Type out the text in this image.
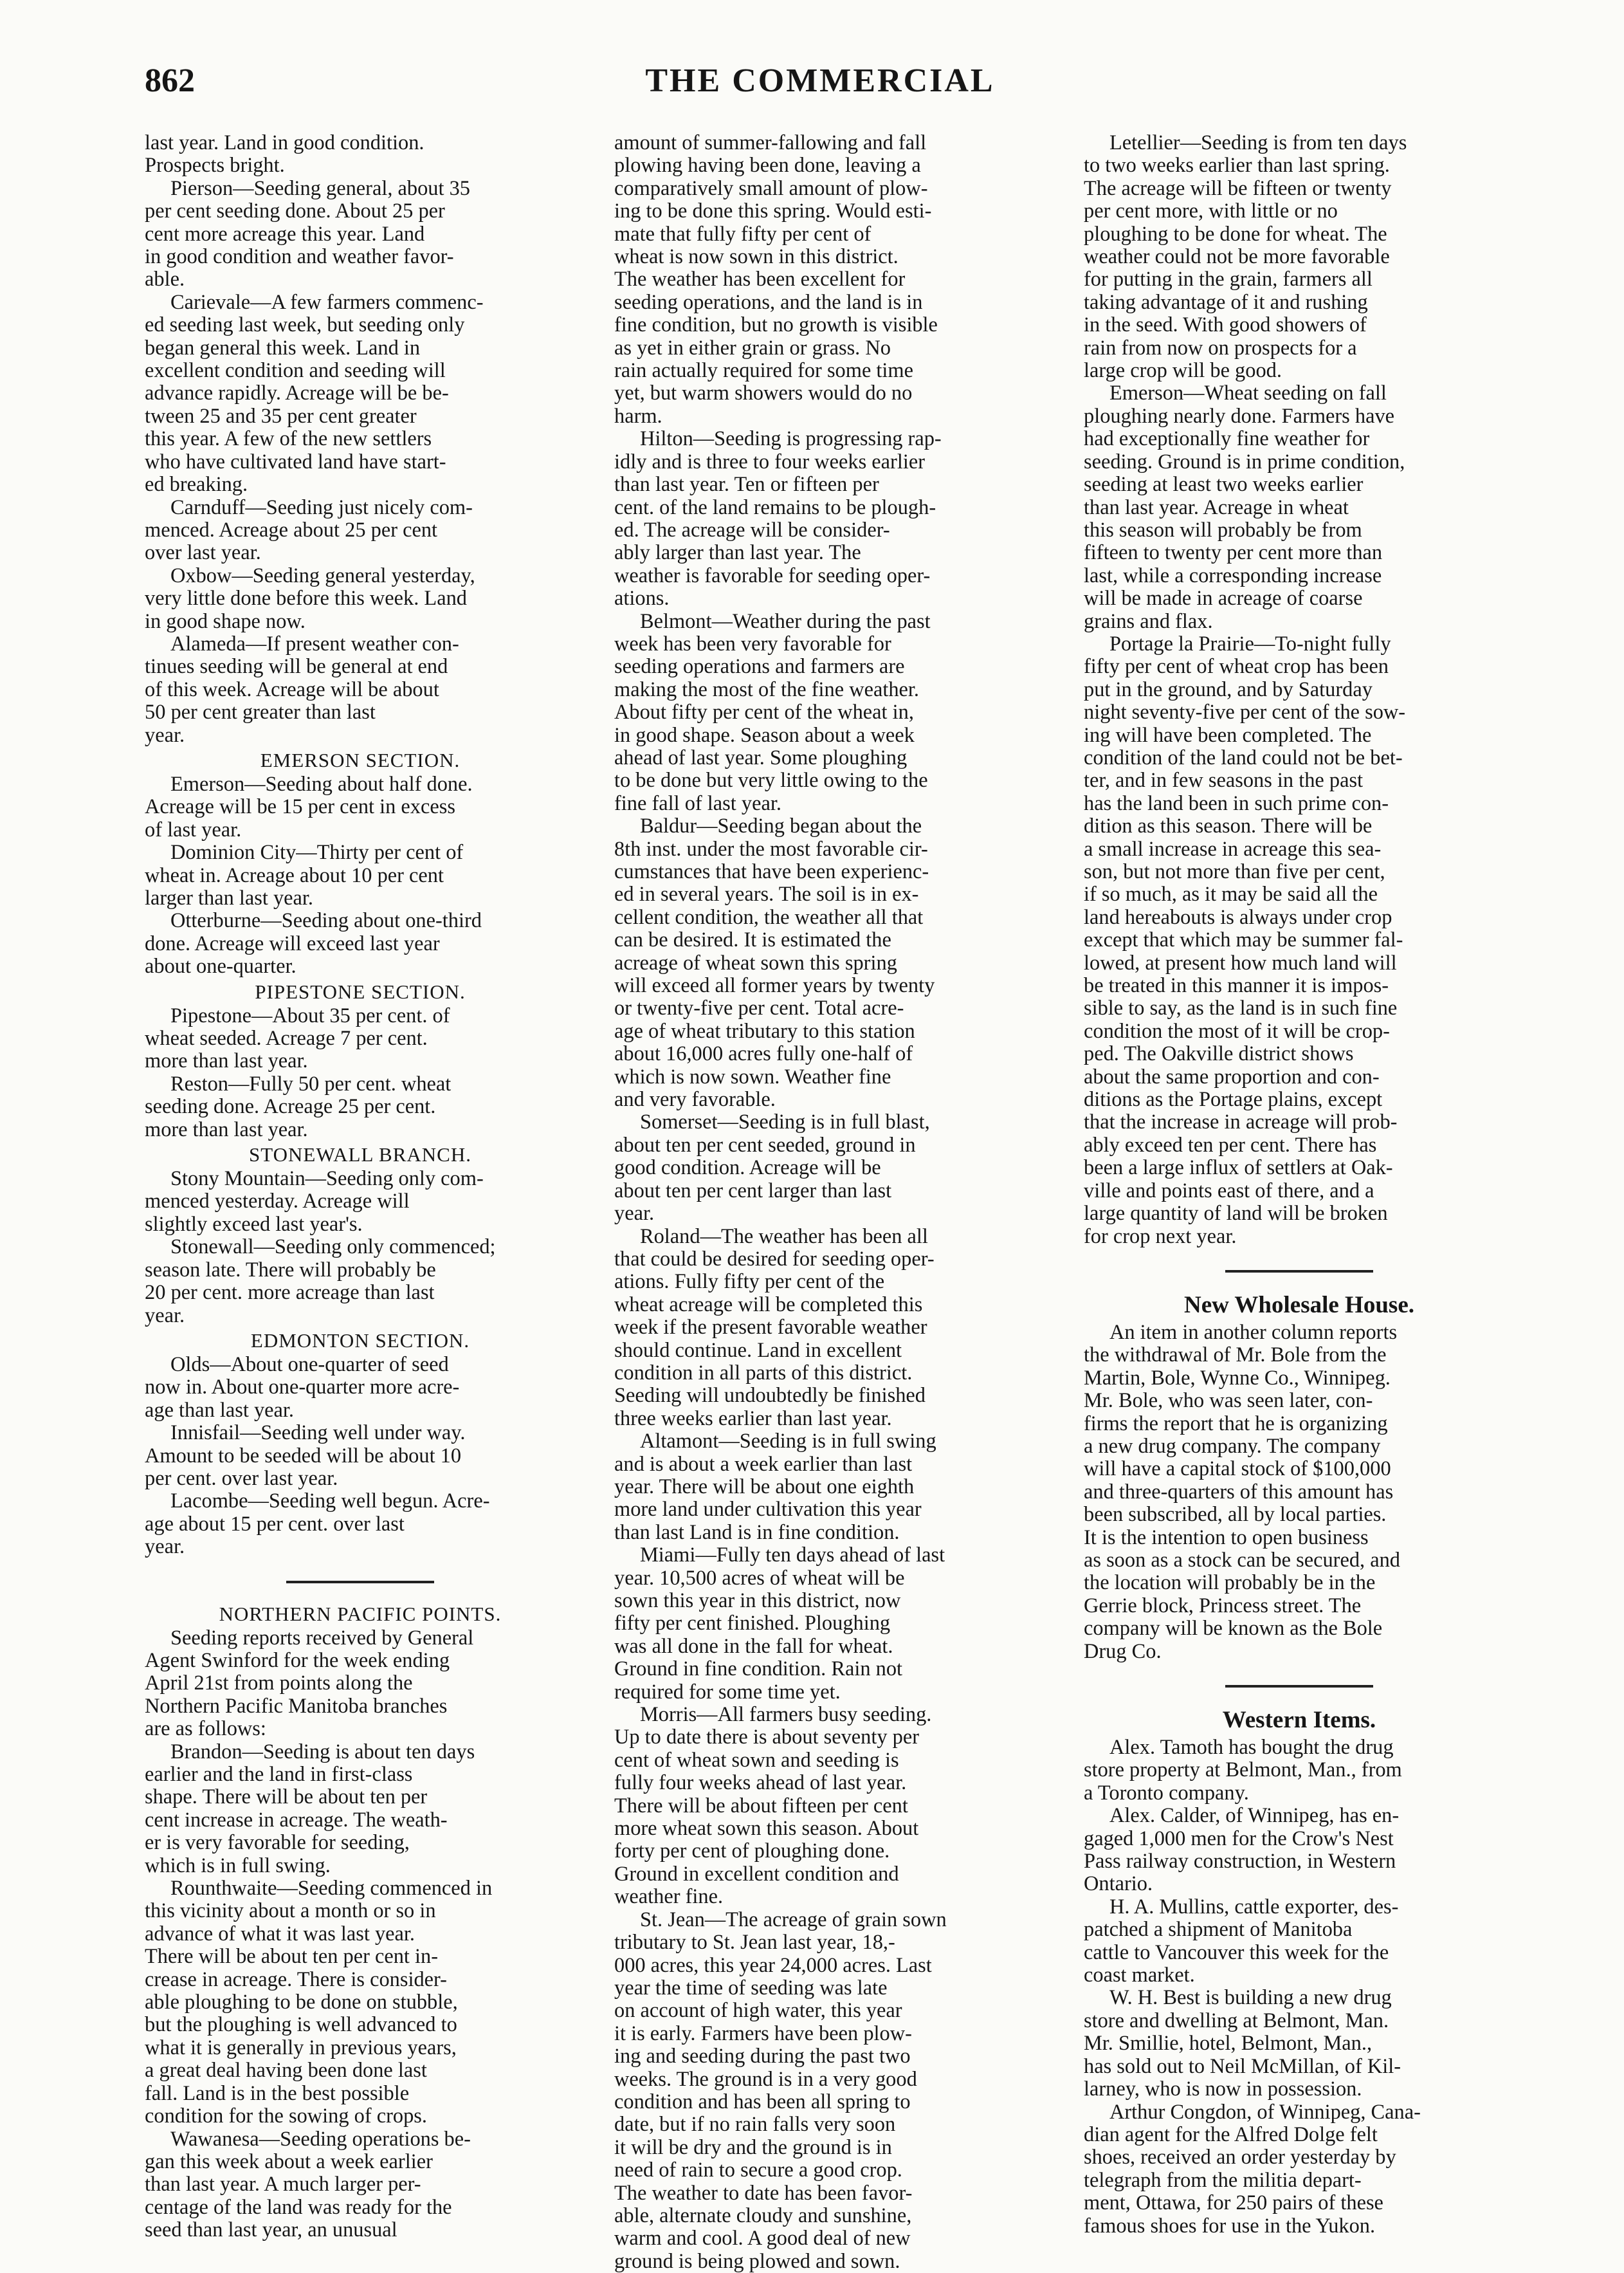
862	THE COMMERCIAL

last year. Land in good condition.
Prospects bright.

Pierson—Seeding general, about 35
per cent seeding done. About 25 per
cent more acreage this year. Land
in good condition and weather favor-
able.

Carievale—A few farmers commenc-
ed seeding last week, but seeding only
began general this week. Land in
excellent condition and seeding will
advance rapidly. Acreage will be be-
tween 25 and 35 per cent greater
this year. A few of the new settlers
who have cultivated land have start-
ed breaking.

Carnduff—Seeding just nicely com-
menced. Acreage about 25 per cent
over last year.

Oxbow—Seeding general yesterday,
very little done before this week. Land
in good shape now.

Alameda—If present weather con-
tinues seeding will be general at end
of this week. Acreage will be about
50 per cent greater than last
year.

EMERSON SECTION.

Emerson—Seeding about half done.
Acreage will be 15 per cent in excess
of last year.

Dominion City—Thirty per cent of
wheat in. Acreage about 10 per cent
larger than last year.

Otterburne—Seeding about one-third
done. Acreage will exceed last year
about one-quarter.

PIPESTONE SECTION.

Pipestone—About 35 per cent. of
wheat seeded. Acreage 7 per cent.
more than last year.

Reston—Fully 50 per cent. wheat
seeding done. Acreage 25 per cent.
more than last year.

STONEWALL BRANCH.

Stony Mountain—Seeding only com-
menced yesterday. Acreage will
slightly exceed last year's.

Stonewall—Seeding only commenced;
season late. There will probably be
20 per cent. more acreage than last
year.

EDMONTON SECTION.

Olds—About one-quarter of seed
now in. About one-quarter more acre-
age than last year.

Innisfail—Seeding well under way.
Amount to be seeded will be about 10
per cent. over last year.

Lacombe—Seeding well begun. Acre-
age about 15 per cent. over last
year.

NORTHERN PACIFIC POINTS.

Seeding reports received by General
Agent Swinford for the week ending
April 21st from points along the
Northern Pacific Manitoba branches
are as follows:

Brandon—Seeding is about ten days
earlier and the land in first-class
shape. There will be about ten per
cent increase in acreage. The weath-
er is very favorable for seeding,
which is in full swing.

Rounthwaite—Seeding commenced in
this vicinity about a month or so in
advance of what it was last year.
There will be about ten per cent in-
crease in acreage. There is consider-
able ploughing to be done on stubble,
but the ploughing is well advanced to
what it is generally in previous years,
a great deal having been done last
fall. Land is in the best possible
condition for the sowing of crops.

Wawanesa—Seeding operations be-
gan this week about a week earlier
than last year. A much larger per-
centage of the land was ready for the
seed than last year, an unusual

amount of summer-fallowing and fall
plowing having been done, leaving a
comparatively small amount of plow-
ing to be done this spring. Would esti-
mate that fully fifty per cent of
wheat is now sown in this district.
The weather has been excellent for
seeding operations, and the land is in
fine condition, but no growth is visible
as yet in either grain or grass. No
rain actually required for some time
yet, but warm showers would do no
harm.

Hilton—Seeding is progressing rap-
idly and is three to four weeks earlier
than last year. Ten or fifteen per
cent. of the land remains to be plough-
ed. The acreage will be consider-
ably larger than last year. The
weather is favorable for seeding oper-
ations.

Belmont—Weather during the past
week has been very favorable for
seeding operations and farmers are
making the most of the fine weather.
About fifty per cent of the wheat in,
in good shape. Season about a week
ahead of last year. Some ploughing
to be done but very little owing to the
fine fall of last year.

Baldur—Seeding began about the
8th inst. under the most favorable cir-
cumstances that have been experienc-
ed in several years. The soil is in ex-
cellent condition, the weather all that
can be desired. It is estimated the
acreage of wheat sown this spring
will exceed all former years by twenty
or twenty-five per cent. Total acre-
age of wheat tributary to this station
about 16,000 acres fully one-half of
which is now sown. Weather fine
and very favorable.

Somerset—Seeding is in full blast,
about ten per cent seeded, ground in
good condition. Acreage will be
about ten per cent larger than last
year.

Roland—The weather has been all
that could be desired for seeding oper-
ations. Fully fifty per cent of the
wheat acreage will be completed this
week if the present favorable weather
should continue. Land in excellent
condition in all parts of this district.
Seeding will undoubtedly be finished
three weeks earlier than last year.

Altamont—Seeding is in full swing
and is about a week earlier than last
year. There will be about one eighth
more land under cultivation this year
than last Land is in fine condition.

Miami—Fully ten days ahead of last
year. 10,500 acres of wheat will be
sown this year in this district, now
fifty per cent finished. Ploughing
was all done in the fall for wheat.
Ground in fine condition. Rain not
required for some time yet.

Morris—All farmers busy seeding.
Up to date there is about seventy per
cent of wheat sown and seeding is
fully four weeks ahead of last year.
There will be about fifteen per cent
more wheat sown this season. About
forty per cent of ploughing done.
Ground in excellent condition and
weather fine.

St. Jean—The acreage of grain sown
tributary to St. Jean last year, 18,-
000 acres, this year 24,000 acres. Last
year the time of seeding was late
on account of high water, this year
it is early. Farmers have been plow-
ing and seeding during the past two
weeks. The ground is in a very good
condition and has been all spring to
date, but if no rain falls very soon
it will be dry and the ground is in
need of rain to secure a good crop.
The weather to date has been favor-
able, alternate cloudy and sunshine,
warm and cool. A good deal of new
ground is being plowed and sown.

Letellier—Seeding is from ten days
to two weeks earlier than last spring.
The acreage will be fifteen or twenty
per cent more, with little or no
ploughing to be done for wheat. The
weather could not be more favorable
for putting in the grain, farmers all
taking advantage of it and rushing
in the seed. With good showers of
rain from now on prospects for a
large crop will be good.

Emerson—Wheat seeding on fall
ploughing nearly done. Farmers have
had exceptionally fine weather for
seeding. Ground is in prime condition,
seeding at least two weeks earlier
than last year. Acreage in wheat
this season will probably be from
fifteen to twenty per cent more than
last, while a corresponding increase
will be made in acreage of coarse
grains and flax.

Portage la Prairie—To-night fully
fifty per cent of wheat crop has been
put in the ground, and by Saturday
night seventy-five per cent of the sow-
ing will have been completed. The
condition of the land could not be bet-
ter, and in few seasons in the past
has the land been in such prime con-
dition as this season. There will be
a small increase in acreage this sea-
son, but not more than five per cent,
if so much, as it may be said all the
land hereabouts is always under crop
except that which may be summer fal-
lowed, at present how much land will
be treated in this manner it is impos-
sible to say, as the land is in such fine
condition the most of it will be crop-
ped. The Oakville district shows
about the same proportion and con-
ditions as the Portage plains, except
that the increase in acreage will prob-
ably exceed ten per cent. There has
been a large influx of settlers at Oak-
ville and points east of there, and a
large quantity of land will be broken
for crop next year.

New Wholesale House.

An item in another column reports
the withdrawal of Mr. Bole from the
Martin, Bole, Wynne Co., Winnipeg.
Mr. Bole, who was seen later, con-
firms the report that he is organizing
a new drug company. The company
will have a capital stock of $100,000
and three-quarters of this amount has
been subscribed, all by local parties.
It is the intention to open business
as soon as a stock can be secured, and
the location will probably be in the
Gerrie block, Princess street. The
company will be known as the Bole
Drug Co.

Western Items.

Alex. Tamoth has bought the drug
store property at Belmont, Man., from
a Toronto company.

Alex. Calder, of Winnipeg, has en-
gaged 1,000 men for the Crow's Nest
Pass railway construction, in Western
Ontario.

H. A. Mullins, cattle exporter, des-
patched a shipment of Manitoba
cattle to Vancouver this week for the
coast market.

W. H. Best is building a new drug
store and dwelling at Belmont, Man.
Mr. Smillie, hotel, Belmont, Man.,
has sold out to Neil McMillan, of Kil-
larney, who is now in possession.

Arthur Congdon, of Winnipeg, Cana-
dian agent for the Alfred Dolge felt
shoes, received an order yesterday by
telegraph from the militia depart-
ment, Ottawa, for 250 pairs of these
famous shoes for use in the Yukon.
